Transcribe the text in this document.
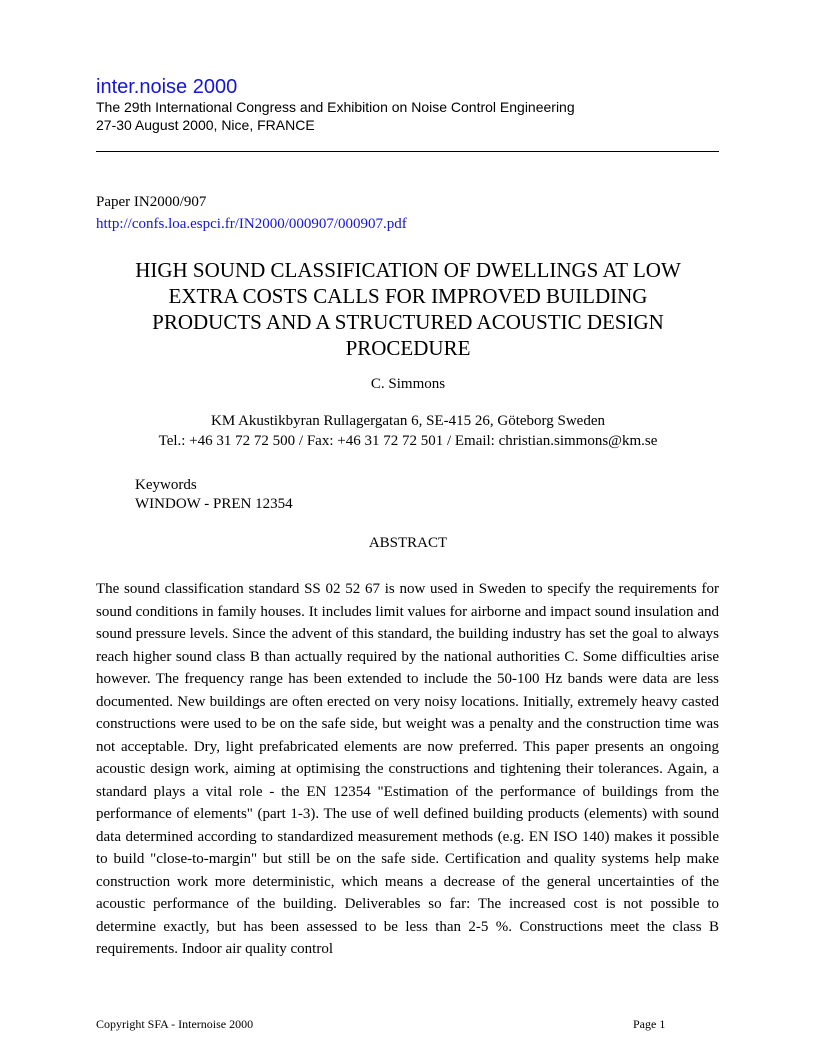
inter.noise 2000
The 29th International Congress and Exhibition on Noise Control Engineering
27-30 August 2000, Nice, FRANCE
Paper IN2000/907
http://confs.loa.espci.fr/IN2000/000907/000907.pdf
HIGH SOUND CLASSIFICATION OF DWELLINGS AT LOW
EXTRA COSTS CALLS FOR IMPROVED BUILDING
PRODUCTS AND A STRUCTURED ACOUSTIC DESIGN
PROCEDURE
C. Simmons
KM Akustikbyran Rullagergatan 6, SE-415 26, Göteborg Sweden
Tel.: +46 31 72 72 500 / Fax: +46 31 72 72 501 / Email: christian.simmons@km.se
Keywords
WINDOW - PREN 12354
ABSTRACT

The sound classification standard SS 02 52 67 is now used in Sweden to specify the requirements for sound conditions in family houses. It includes limit values for airborne and impact sound insulation and sound pressure levels. Since the advent of this standard, the building industry has set the goal to always reach higher sound class B than actually required by the national authorities C. Some difficulties arise however. The frequency range has been extended to include the 50-100 Hz bands were data are less documented. New buildings are often erected on very noisy locations. Initially, extremely heavy casted constructions were used to be on the safe side, but weight was a penalty and the construction time was not acceptable. Dry, light prefabricated elements are now preferred. This paper presents an ongoing acoustic design work, aiming at optimising the constructions and tightening their tolerances. Again, a standard plays a vital role - the EN 12354 "Estimation of the performance of buildings from the performance of elements" (part 1-3). The use of well defined building products (elements) with sound data determined according to standardized measurement methods (e.g. EN ISO 140) makes it possible to build "close-to-margin" but still be on the safe side. Certification and quality systems help make construction work more deterministic, which means a decrease of the general uncertainties of the acoustic performance of the building. Deliverables so far: The increased cost is not possible to determine exactly, but has been assessed to be less than 2-5 %. Constructions meet the class B requirements. Indoor air quality control

Copyright SFA - Internoise 2000	Page 1
